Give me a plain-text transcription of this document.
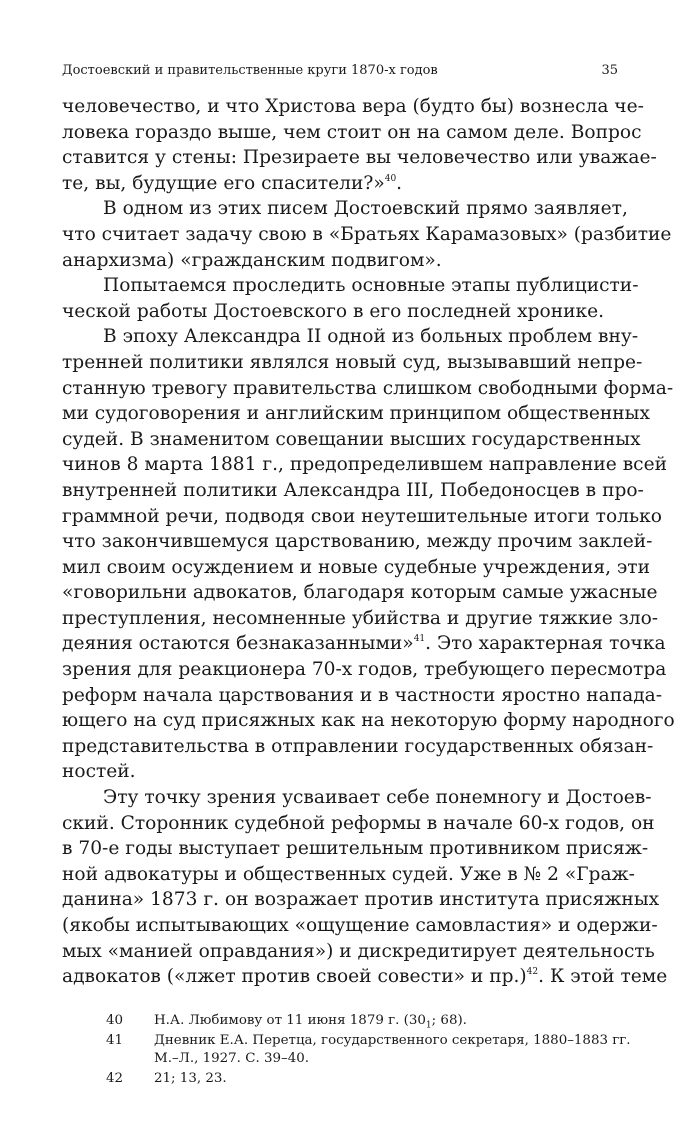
Достоевский и правительственные круги 1870-х годов	35
человечество, и что Христова вера (будто бы) вознесла че-
ловека гораздо выше, чем стоит он на самом деле. Вопрос
ставится у стены: Презираете вы человечество или уважае-
те, вы, будущие его спасители?»$^{40}$.
В одном из этих писем Достоевский прямо заявляет,
что считает задачу свою в «Братьях Карамазовых» (разбитие
анархизма) «гражданским подвигом».
Попытаемся проследить основные этапы публицисти-
ческой работы Достоевского в его последней хронике.
В эпоху Александра II одной из больных проблем вну-
тренней политики являлся новый суд, вызывавший непре-
станную тревогу правительства слишком свободными форма-
ми судоговорения и английским принципом общественных
судей. В знаменитом совещании высших государственных
чинов 8 марта 1881 г., предопределившем направление всей
внутренней политики Александра III, Победоносцев в про-
граммной речи, подводя свои неутешительные итоги только
что закончившемуся царствованию, между прочим заклей-
мил своим осуждением и новые судебные учреждения, эти
«говорильни адвокатов, благодаря которым самые ужасные
преступления, несомненные убийства и другие тяжкие зло-
деяния остаются безнаказанными»$^{41}$. Это характерная точка
зрения для реакционера 70-х годов, требующего пересмотра
реформ начала царствования и в частности яростно напада-
ющего на суд присяжных как на некоторую форму народного
представительства в отправлении государственных обязан-
ностей.
Эту точку зрения усваивает себе понемногу и Достоев-
ский. Сторонник судебной реформы в начале 60-х годов, он
в 70-е годы выступает решительным противником присяж-
ной адвокатуры и общественных судей. Уже в № 2 «Граж-
данина» 1873 г. он возражает против института присяжных
(якобы испытывающих «ощущение самовластия» и одержи-
мых «манией оправдания») и дискредитирует деятельность
адвокатов («лжет против своей совести» и пр.)$^{42}$. К этой теме
40	Н.А. Любимову от 11 июня 1879 г. ($30_1$; 68).
41	Дневник Е.А. Перетца, государственного секретаря, 1880–1883 гг.
М.–Л., 1927. С. 39–40.
42	21; 13, 23.
